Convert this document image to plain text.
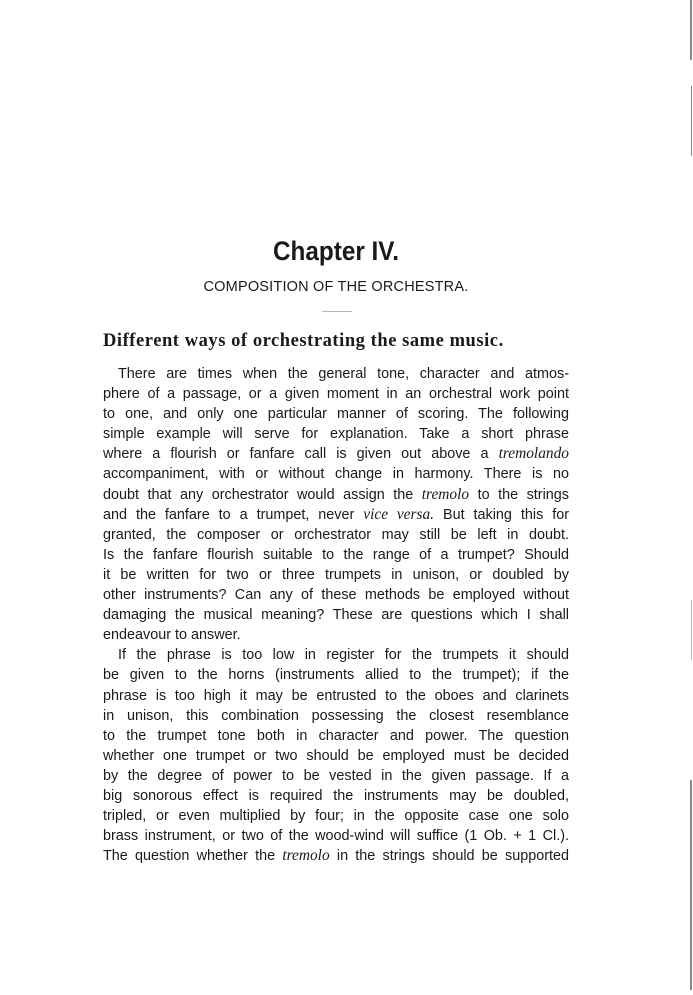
Chapter IV.

COMPOSITION OF THE ORCHESTRA.

Different ways of orchestrating the same music.
There are times when the general tone, character and atmos-
phere of a passage, or a given moment in an orchestral work point
to one, and only one particular manner of scoring. The following
simple example will serve for explanation. Take a short phrase
where a flourish or fanfare call is given out above a tremolando
accompaniment, with or without change in harmony. There is no
doubt that any orchestrator would assign the tremolo to the strings
and the fanfare to a trumpet, never vice versa. But taking this for
granted, the composer or orchestrator may still be left in doubt.
Is the fanfare flourish suitable to the range of a trumpet? Should
it be written for two or three trumpets in unison, or doubled by
other instruments? Can any of these methods be employed without
damaging the musical meaning? These are questions which I shall
endeavour to answer.
If the phrase is too low in register for the trumpets it should
be given to the horns (instruments allied to the trumpet); if the
phrase is too high it may be entrusted to the oboes and clarinets
in unison, this combination possessing the closest resemblance
to the trumpet tone both in character and power. The question
whether one trumpet or two should be employed must be decided
by the degree of power to be vested in the given passage. If a
big sonorous effect is required the instruments may be doubled,
tripled, or even multiplied by four; in the opposite case one solo
brass instrument, or two of the wood-wind will suffice (1 Ob. + 1 Cl.).
The question whether the tremolo in the strings should be supported
